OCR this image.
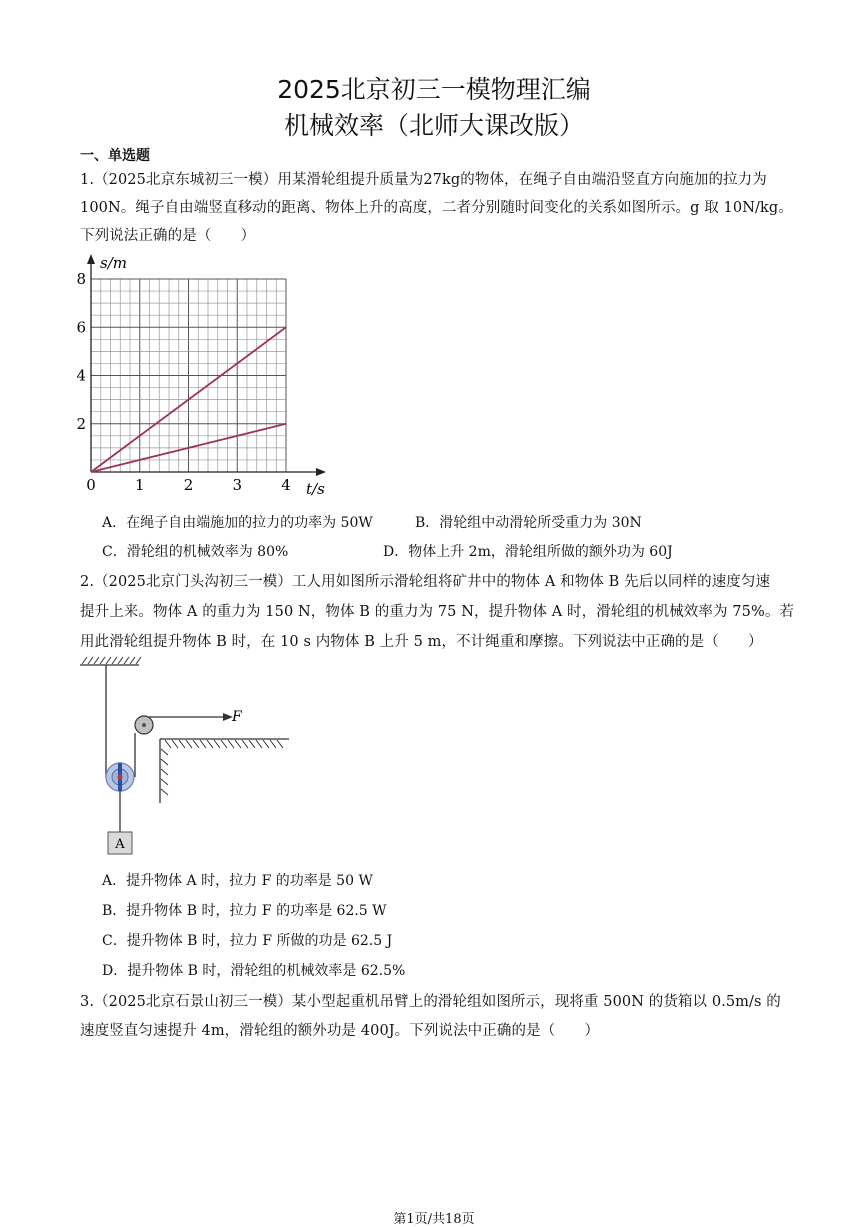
2025北京初三一模物理汇编
机械效率（北师大课改版）
一、单选题
1.（2025北京东城初三一模）用某滑轮组提升质量为27kg的物体，在绳子自由端沿竖直方向施加的拉力为
100N。绳子自由端竖直移动的距离、物体上升的高度，二者分别随时间变化的关系如图所示。g 取 10N/kg。
下列说法正确的是（　　）
0	1	2	3	4
2
4
6
8
s/m
t/s
A．在绳子自由端施加的拉力的功率为 50W	B．滑轮组中动滑轮所受重力为 30N
C．滑轮组的机械效率为 80%	D．物体上升 2m，滑轮组所做的额外功为 60J
2.（2025北京门头沟初三一模）工人用如图所示滑轮组将矿井中的物体 A 和物体 B 先后以同样的速度匀速
提升上来。物体 A 的重力为 150 N，物体 B 的重力为 75 N，提升物体 A 时，滑轮组的机械效率为 75%。若
用此滑轮组提升物体 B 时，在 10 s 内物体 B 上升 5 m，不计绳重和摩擦。下列说法中正确的是（　　）
F
A
A．提升物体 A 时，拉力 F 的功率是 50 W
B．提升物体 B 时，拉力 F 的功率是 62.5 W
C．提升物体 B 时，拉力 F 所做的功是 62.5 J
D．提升物体 B 时，滑轮组的机械效率是 62.5%
3.（2025北京石景山初三一模）某小型起重机吊臂上的滑轮组如图所示，现将重 500N 的货箱以 0.5m/s 的
速度竖直匀速提升 4m，滑轮组的额外功是 400J。下列说法中正确的是（　　）
第1页/共18页
